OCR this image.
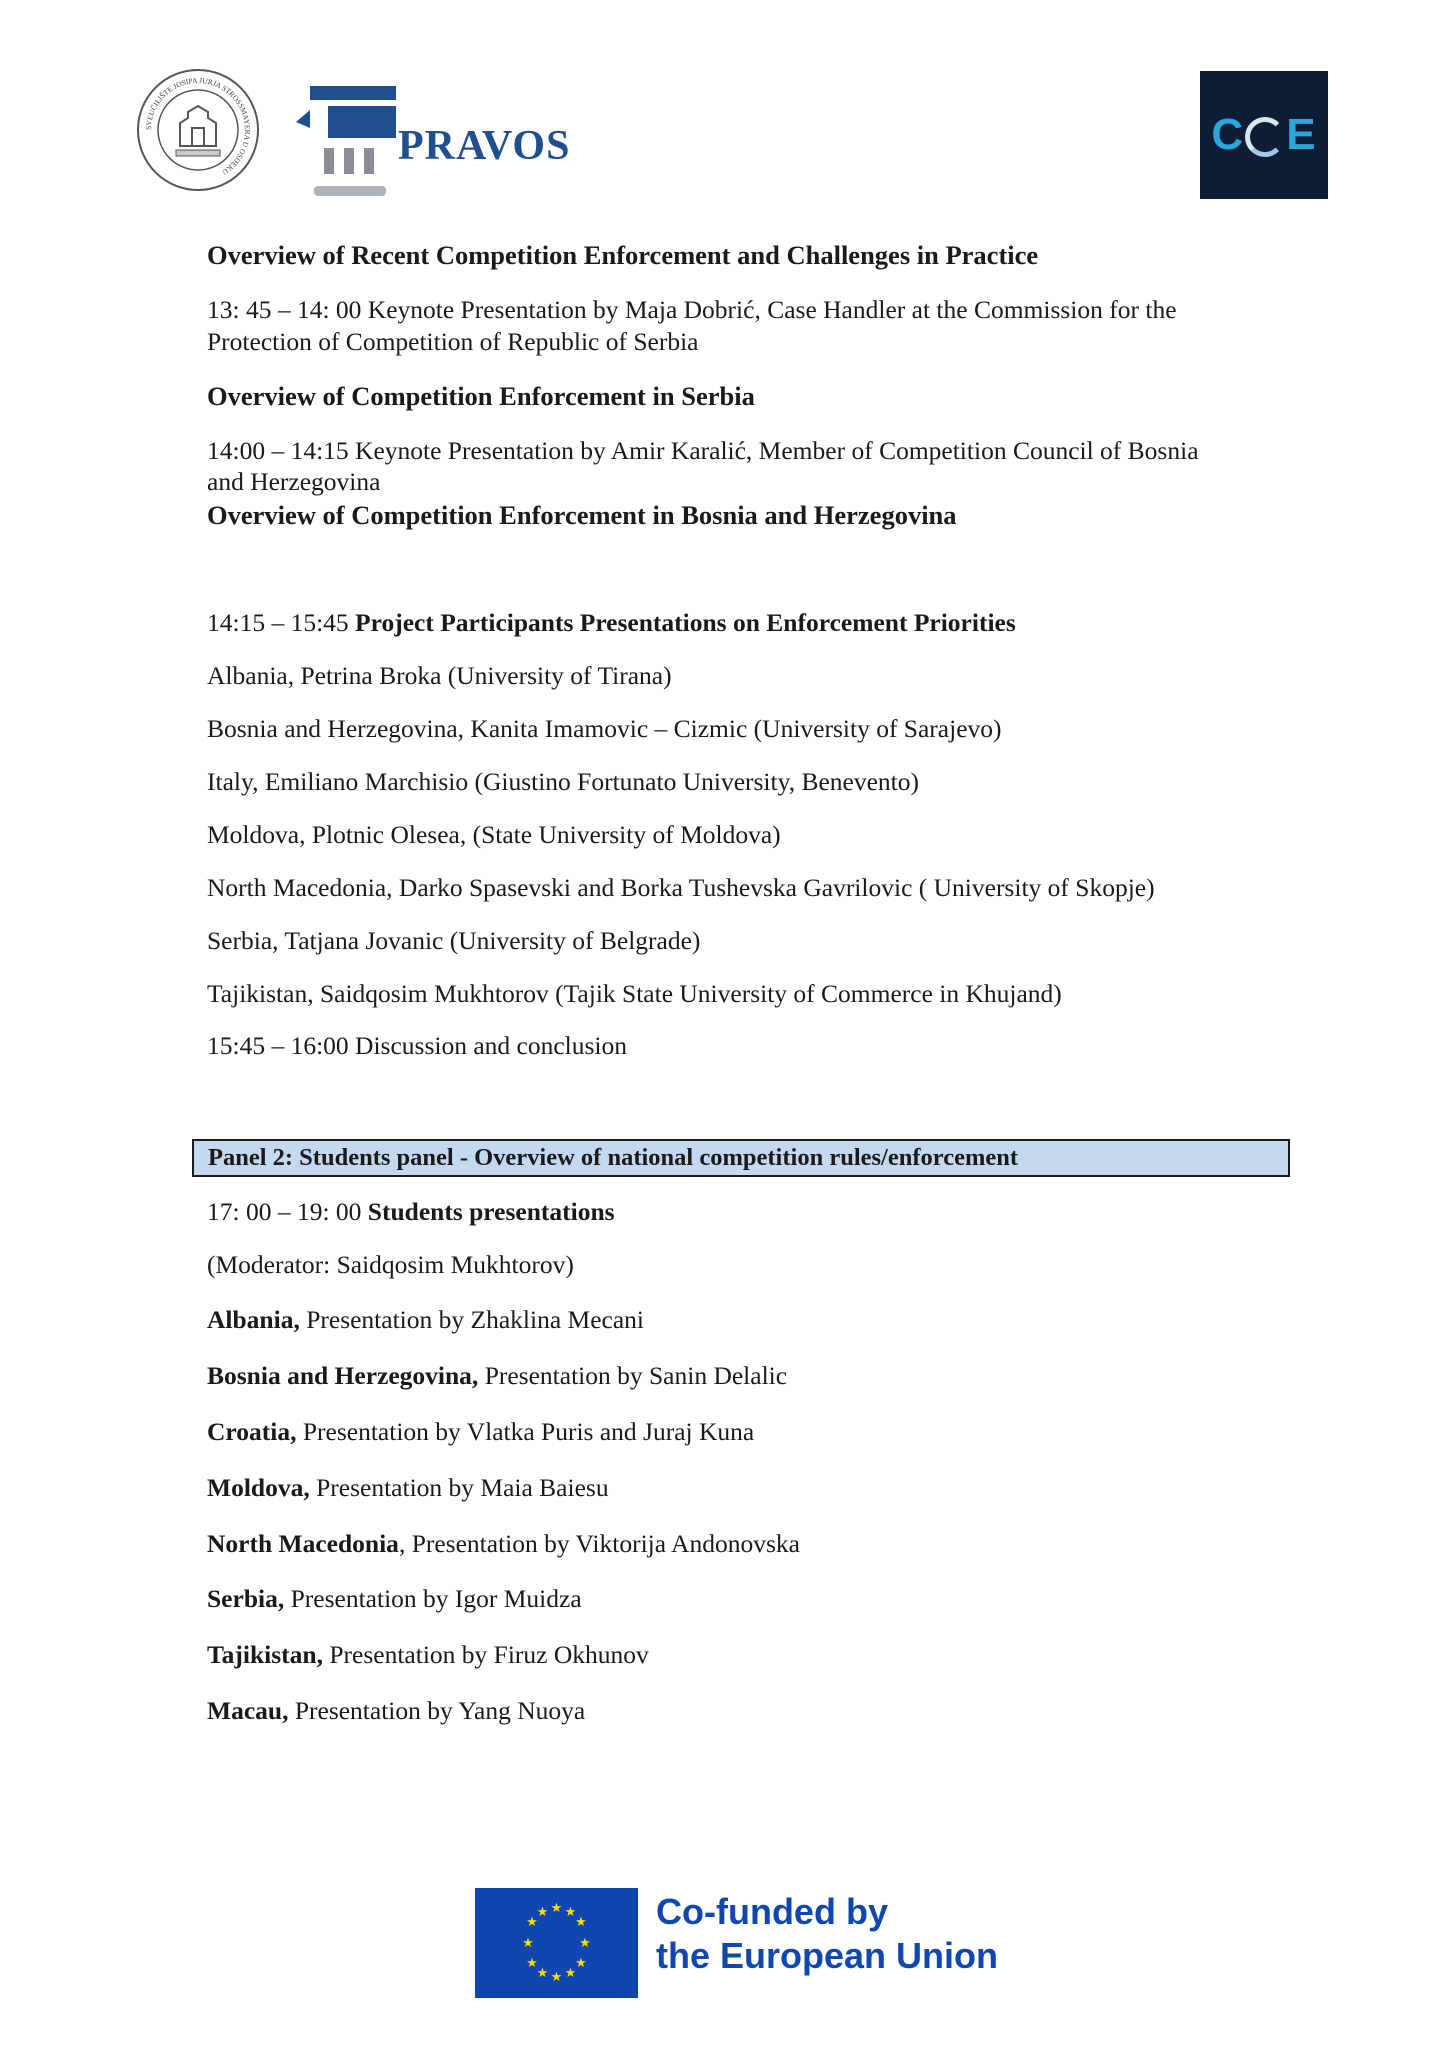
SVEUČILIŠTE JOSIPA JURJA STROSSMAYERA U OSIJEKU
PRAVOS	C E
Overview of Recent Competition Enforcement and Challenges in Practice
13: 45 – 14: 00 Keynote Presentation by Maja Dobrić, Case Handler at the Commission for the
Protection of Competition of Republic of Serbia
Overview of Competition Enforcement in Serbia
14:00 – 14:15 Keynote Presentation by Amir Karalić, Member of Competition Council of Bosnia
and Herzegovina
Overview of Competition Enforcement in Bosnia and Herzegovina
14:15 – 15:45 Project Participants Presentations on Enforcement Priorities
Albania, Petrina Broka (University of Tirana)
Bosnia and Herzegovina, Kanita Imamovic – Cizmic (University of Sarajevo)
Italy, Emiliano Marchisio (Giustino Fortunato University, Benevento)
Moldova, Plotnic Olesea, (State University of Moldova)
North Macedonia, Darko Spasevski and Borka Tushevska Gavrilovic ( University of Skopje)
Serbia, Tatjana Jovanic (University of Belgrade)
Tajikistan, Saidqosim Mukhtorov (Tajik State University of Commerce in Khujand)
15:45 – 16:00 Discussion and conclusion
Panel 2: Students panel - Overview of national competition rules/enforcement
17: 00 – 19: 00 Students presentations
(Moderator: Saidqosim Mukhtorov)
Albania, Presentation by Zhaklina Mecani
Bosnia and Herzegovina, Presentation by Sanin Delalic
Croatia, Presentation by Vlatka Puris and Juraj Kuna
Moldova, Presentation by Maia Baiesu
North Macedonia, Presentation by Viktorija Andonovska
Serbia, Presentation by Igor Muidza
Tajikistan, Presentation by Firuz Okhunov
Macau, Presentation by Yang Nuoya
★ ★
★
★
★
★
★
★
★
★
★
★	Co-funded by
the European Union
